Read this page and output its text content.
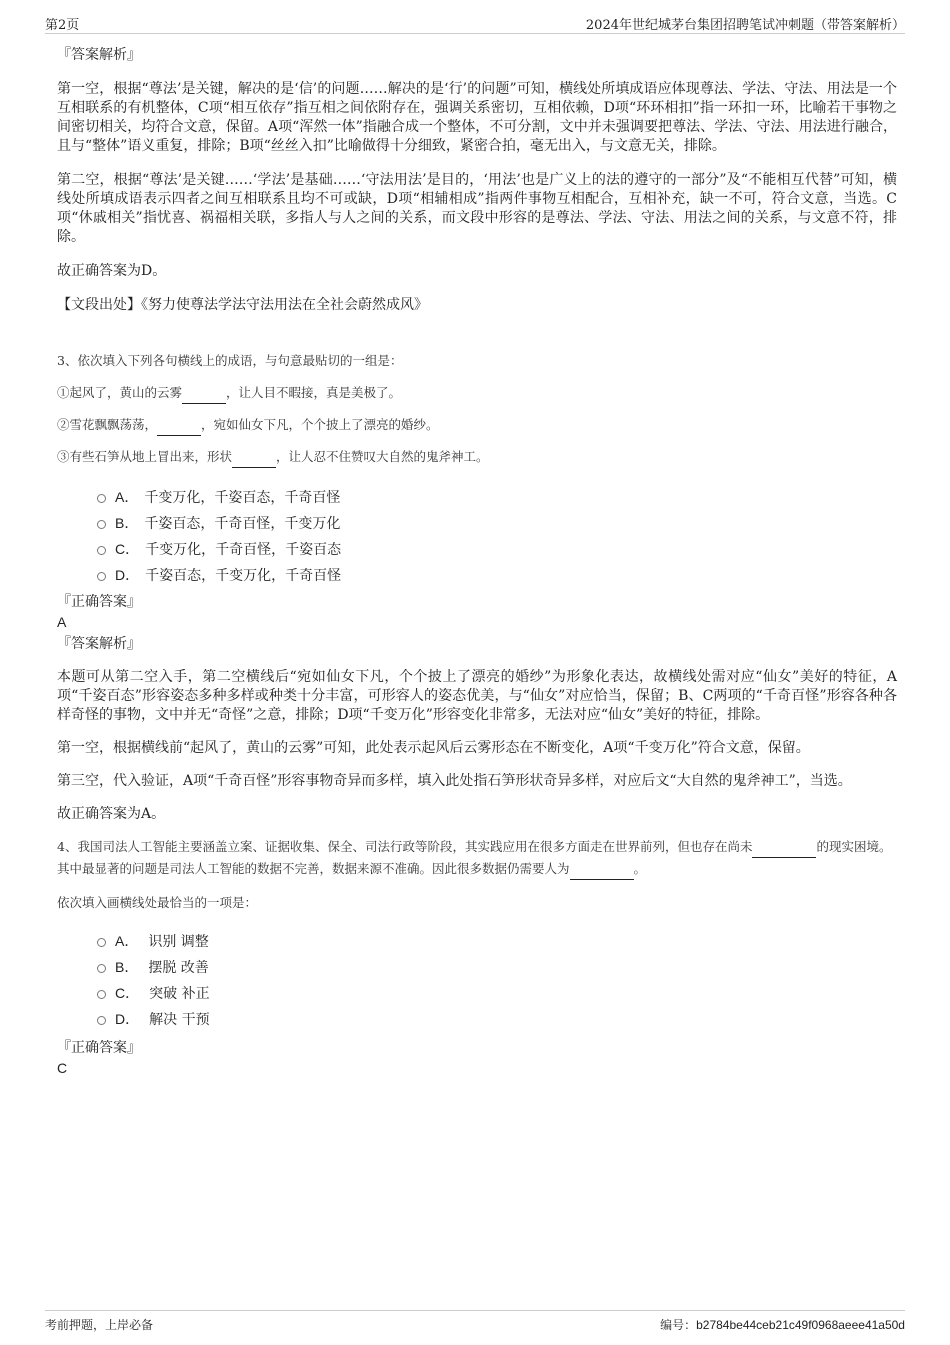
第2页	2024年世纪城茅台集团招聘笔试冲刺题（带答案解析）
『答案解析』
第一空，根据“尊法’是关键，解决的是‘信’的问题……解决的是‘行’的问题”可知，横线处所填成语应体现尊法、学法、守法、用法是一个互相联系的有机整体，C项“相互依存”指互相之间依附存在，强调关系密切，互相依赖，D项“环环相扣”指一环扣一环，比喻若干事物之间密切相关，均符合文意，保留。A项“浑然一体”指融合成一个整体，不可分割，文中并未强调要把尊法、学法、守法、用法进行融合，且与“整体”语义重复，排除；B项“丝丝入扣”比喻做得十分细致，紧密合拍，毫无出入，与文意无关，排除。
第二空，根据“尊法’是关键……‘学法’是基础……‘守法用法’是目的，‘用法’也是广义上的法的遵守的一部分”及“不能相互代替”可知，横线处所填成语表示四者之间互相联系且均不可或缺，D项“相辅相成”指两件事物互相配合，互相补充，缺一不可，符合文意，当选。C项“休戚相关”指忧喜、祸福相关联，多指人与人之间的关系，而文段中形容的是尊法、学法、守法、用法之间的关系，与文意不符，排除。
故正确答案为D。
【文段出处】《努力使尊法学法守法用法在全社会蔚然成风》
3、依次填入下列各句横线上的成语，与句意最贴切的一组是：
①起风了，黄山的云雾	，让人目不暇接，真是美极了。
②雪花飘飘荡荡，	，宛如仙女下凡，个个披上了漂亮的婚纱。
③有些石笋从地上冒出来，形状	，让人忍不住赞叹大自然的鬼斧神工。
A． 千变万化，千姿百态，千奇百怪
B． 千姿百态，千奇百怪，千变万化
C． 千变万化，千奇百怪，千姿百态
D． 千姿百态，千变万化，千奇百怪
『正确答案』
A
『答案解析』
本题可从第二空入手，第二空横线后“宛如仙女下凡，个个披上了漂亮的婚纱”为形象化表达，故横线处需对应“仙女”美好的特征，A项“千姿百态”形容姿态多种多样或种类十分丰富，可形容人的姿态优美，与“仙女”对应恰当，保留；B、C两项的“千奇百怪”形容各种各样奇怪的事物，文中并无“奇怪”之意，排除；D项“千变万化”形容变化非常多，无法对应“仙女”美好的特征，排除。
第一空，根据横线前“起风了，黄山的云雾”可知，此处表示起风后云雾形态在不断变化，A项“千变万化”符合文意，保留。
第三空，代入验证，A项“千奇百怪”形容事物奇异而多样，填入此处指石笋形状奇异多样，对应后文“大自然的鬼斧神工”，当选。
故正确答案为A。
4、我国司法人工智能主要涵盖立案、证据收集、保全、司法行政等阶段，其实践应用在很多方面走在世界前列，但也存在尚未	的现实困境。其中最显著的问题是司法人工智能的数据不完善，数据来源不准确。因此很多数据仍需要人为	。
依次填入画横线处最恰当的一项是：
A． 识别 调整
B． 摆脱 改善
C． 突破 补正
D． 解决 干预
『正确答案』
C
考前押题，上岸必备	编号：b2784be44ceb21c49f0968aeee41a50d
